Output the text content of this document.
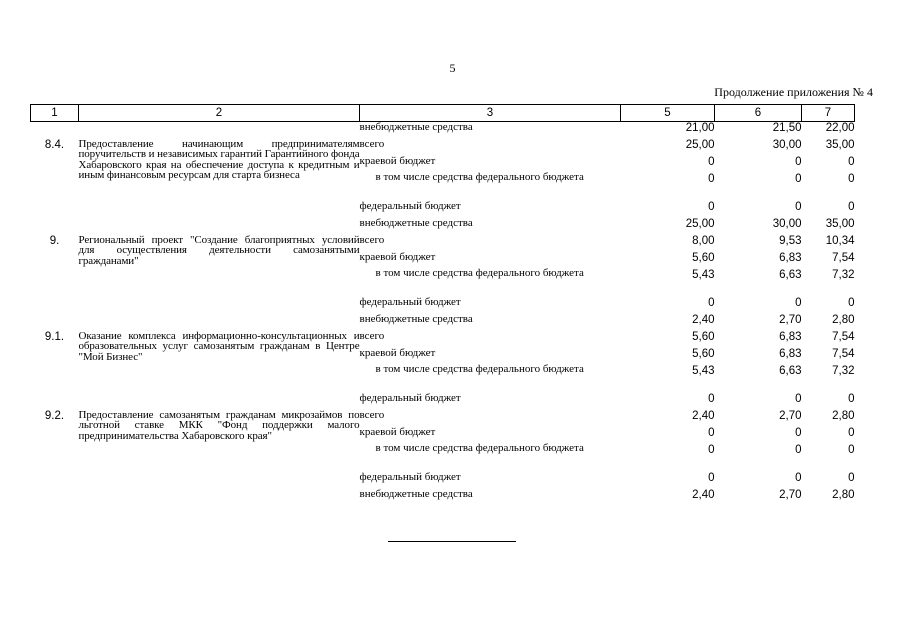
5
Продолжение приложения № 4
1	2	3	5	6	7
		внебюджетные средства	21,00	21,50	22,00
8.4.	Предоставление начинающим предпринимателям поручительств и независимых гарантий Гарантийного фонда Хабаровского края на обеспечение доступа к кредитным и иным финансовым ресурсам для старта бизнеса	всего	25,00	30,00	35,00
		краевой бюджет	0	0	0
		в том числе средства федерального бюджета	0	0	0
		федеральный бюджет	0	0	0
		внебюджетные средства	25,00	30,00	35,00
9.	Региональный проект "Создание благоприятных условий для осуществления деятельности самозанятыми гражданами"	всего	8,00	9,53	10,34
		краевой бюджет	5,60	6,83	7,54
		в том числе средства федерального бюджета	5,43	6,63	7,32
		федеральный бюджет	0	0	0
		внебюджетные средства	2,40	2,70	2,80
9.1.	Оказание комплекса информационно-консультационных и образовательных услуг самозанятым гражданам в Центре "Мой Бизнес"	всего	5,60	6,83	7,54
		краевой бюджет	5,60	6,83	7,54
		в том числе средства федерального бюджета	5,43	6,63	7,32
		федеральный бюджет	0	0	0
9.2.	Предоставление самозанятым гражданам микрозаймов по льготной ставке МКК "Фонд поддержки малого предпринимательства Хабаровского края"	всего	2,40	2,70	2,80
		краевой бюджет	0	0	0
		в том числе средства федерального бюджета	0	0	0
		федеральный бюджет	0	0	0
		внебюджетные средства	2,40	2,70	2,80
